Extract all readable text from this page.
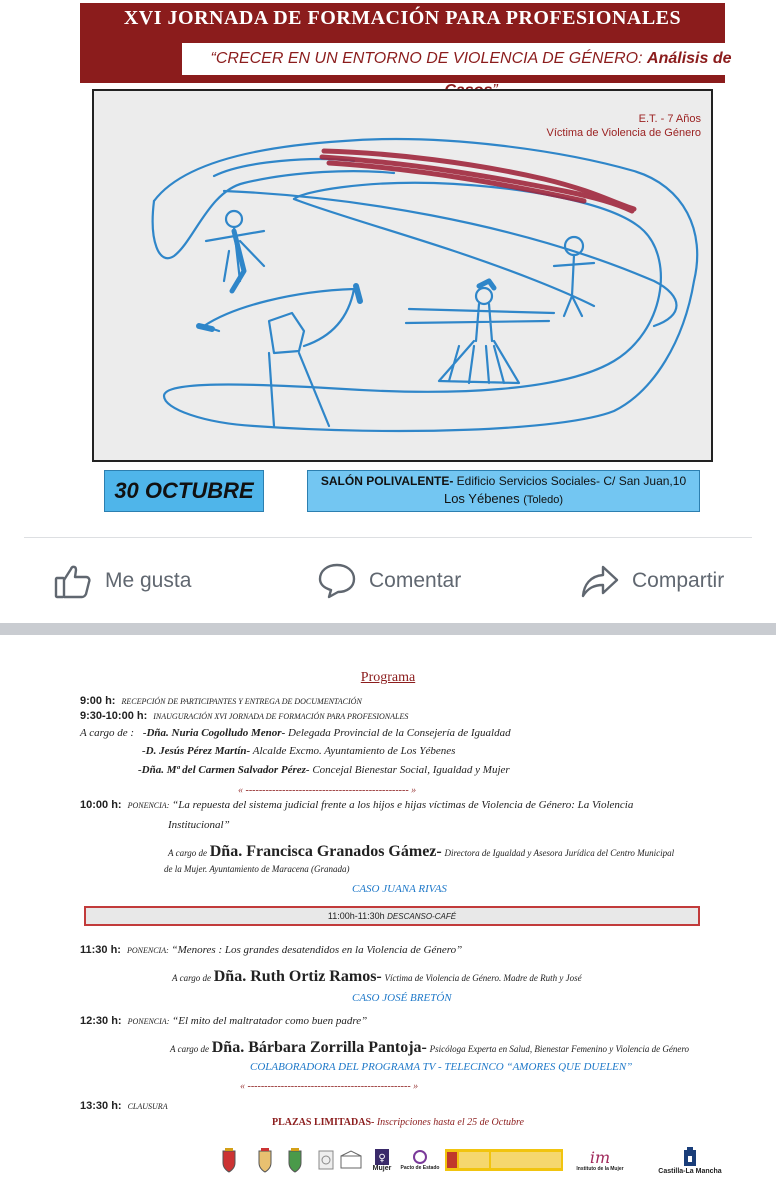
XVI JORNADA DE FORMACIÓN PARA PROFESIONALES
“CRECER EN UN ENTORNO DE VIOLENCIA DE GÉNERO: Análisis de
E.T. - 7 Años
Víctima de Violencia de Género
30 OCTUBRE	SALÓN POLIVALENTE- Edificio Servicios Sociales- C/ San Juan,10
Los Yébenes (Toledo)
Me gusta	Comentar	Compartir
Programa
9:00 h: RECEPCIÓN DE PARTICIPANTES Y ENTREGA DE DOCUMENTACIÓN
9:30-10:00 h: INAUGURACIÓN XVI JORNADA DE FORMACIÓN PARA PROFESIONALES
A cargo de : -Dña. Nuria Cogolludo Menor- Delegada Provincial de la Consejería de Igualdad
-D. Jesús Pérez Martín- Alcalde Excmo. Ayuntamiento de Los Yébenes
-Dña. Mª del Carmen Salvador Pérez- Concejal Bienestar Social, Igualdad y Mujer
« ------------------------------------------------- »
10:00 h: PONENCIA: “La repuesta del sistema judicial frente a los hijos e hijas víctimas de Violencia de Género: La Violencia
Institucional”
A cargo de Dña. Francisca Granados Gámez- Directora de Igualdad y Asesora Jurídica del Centro Municipal
de la Mujer. Ayuntamiento de Maracena (Granada)
CASO JUANA RIVAS
11:00h-11:30h DESCANSO-CAFÉ
11:30 h: PONENCIA: “Menores : Los grandes desatendidos en la Violencia de Género”
A cargo de Dña. Ruth Ortiz Ramos- Víctima de Violencia de Género. Madre de Ruth y José
CASO JOSÉ BRETÓN
12:30 h: PONENCIA: “El mito del maltratador como buen padre”
A cargo de Dña. Bárbara Zorrilla Pantoja- Psicóloga Experta en Salud, Bienestar Femenino y Violencia de Género
COLABORADORA DEL PROGRAMA TV - TELECINCO “AMORES QUE DUELEN”
« ------------------------------------------------- »
13:30 h: CLAUSURA
PLAZAS LIMITADAS- Inscripciones hasta el 25 de Octubre
♀
Mujer Pacto de Estado
im
Instituto de la Mujer	Castilla-La Mancha
